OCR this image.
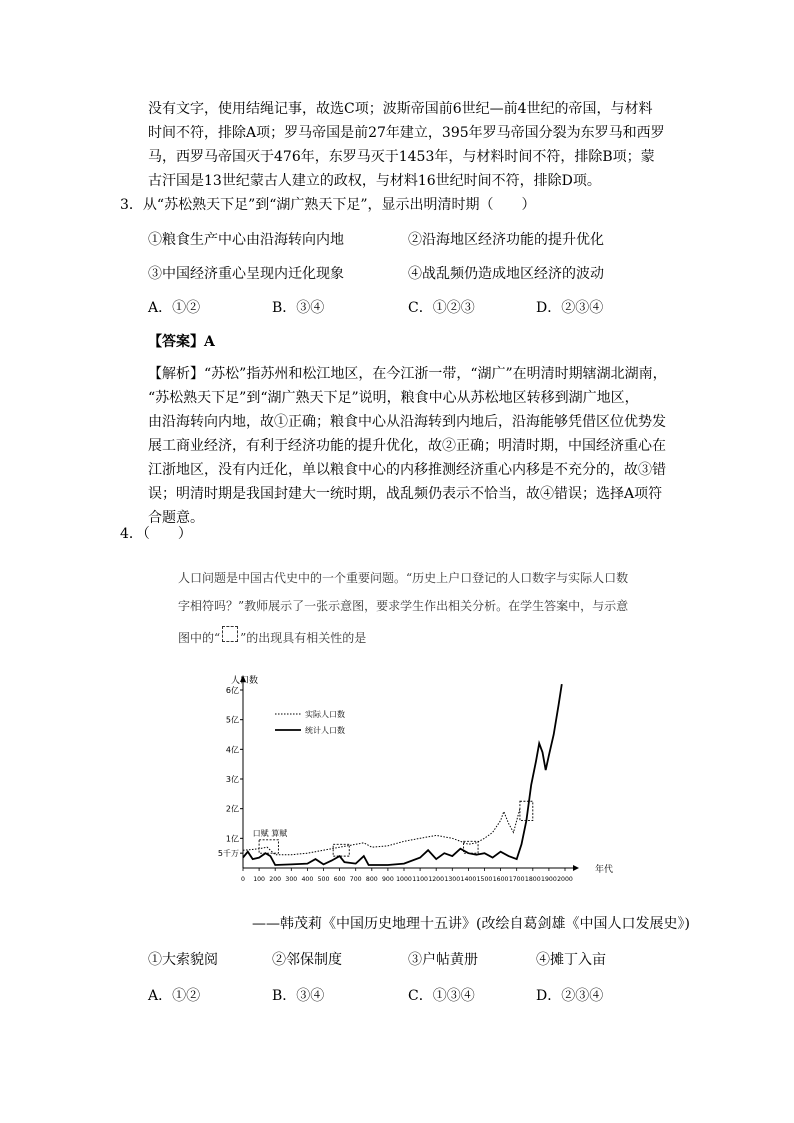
没有文字，使用结绳记事，故选C项；波斯帝国前6世纪—前4世纪的帝国，与材料
时间不符，排除A项；罗马帝国是前27年建立，395年罗马帝国分裂为东罗马和西罗
马，西罗马帝国灭于476年，东罗马灭于1453年，与材料时间不符，排除B项；蒙
古汗国是13世纪蒙古人建立的政权，与材料16世纪时间不符，排除D项。
3．从“苏松熟天下足”到“湖广熟天下足”，显示出明清时期（　　）
①粮食生产中心由沿海转向内地	②沿海地区经济功能的提升优化
③中国经济重心呈现内迁化现象	④战乱频仍造成地区经济的波动
A．①②	B．③④	C．①②③	D．②③④
【答案】A
【解析】“苏松”指苏州和松江地区，在今江浙一带，“湖广”在明清时期辖湖北湖南，
“苏松熟天下足”到“湖广熟天下足”说明，粮食中心从苏松地区转移到湖广地区，
由沿海转向内地，故①正确；粮食中心从沿海转到内地后，沿海能够凭借区位优势发
展工商业经济，有利于经济功能的提升优化，故②正确；明清时期，中国经济重心在
江浙地区，没有内迁化，单以粮食中心的内移推测经济重心内移是不充分的，故③错
误；明清时期是我国封建大一统时期，战乱频仍表示不恰当，故④错误；选择A项符
合题意。
4．（　　）
人口问题是中国古代史中的一个重要问题。“历史上户口登记的人口数字与实际人口数
字相符吗？”教师展示了一张示意图，要求学生作出相关分析。在学生答案中，与示意
图中的“ ”的出现具有相关性的是
人口数
年代
5千万
1亿
2亿
3亿
4亿
5亿
6亿
0 100 200 300 400 500 600 700 800 900 1000 1100 1200 1300 1400 1500 1600 1700 1800 1900 2000
实际人口数
统计人口数
口赋 算赋
——韩茂莉《中国历史地理十五讲》(改绘自葛剑雄《中国人口发展史》)
①大索貌阅	②邻保制度	③户帖黄册	④摊丁入亩
A．①②	B．③④	C．①③④	D．②③④
